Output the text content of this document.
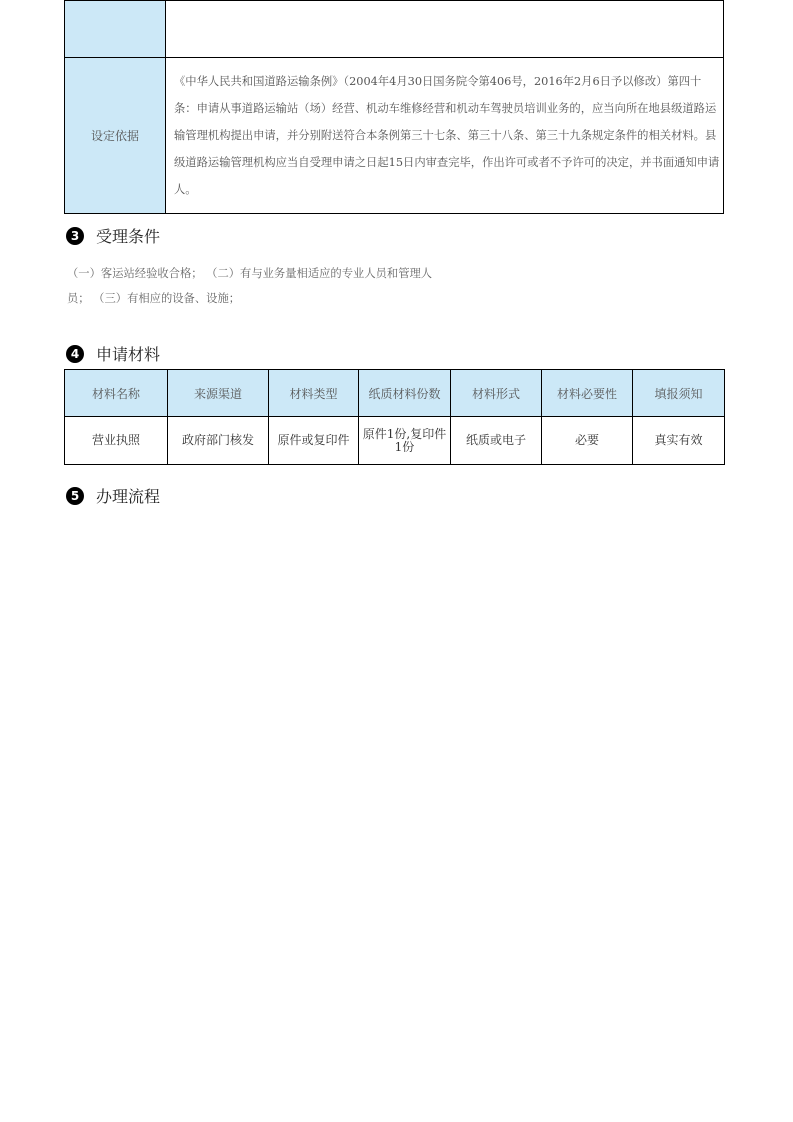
设定依据	《中华人民共和国道路运输条例》（2004年4月30日国务院令第406号，2016年2月6日予以修改）第四十条：申请从事道路运输站（场）经营、机动车维修经营和机动车驾驶员培训业务的，应当向所在地县级道路运输管理机构提出申请，并分别附送符合本条例第三十七条、第三十八条、第三十九条规定条件的相关材料。县级道路运输管理机构应当自受理申请之日起15日内审查完毕，作出许可或者不予许可的决定，并书面通知申请人。
3	受理条件
（一）客运站经验收合格； （二）有与业务量相适应的专业人员和管理人
员； （三）有相应的设备、设施；
4	申请材料
材料名称	来源渠道	材料类型	纸质材料份数	材料形式	材料必要性	填报须知
营业执照	政府部门核发	原件或复印件	原件1份,复印件1份	纸质或电子	必要	真实有效
5	办理流程
